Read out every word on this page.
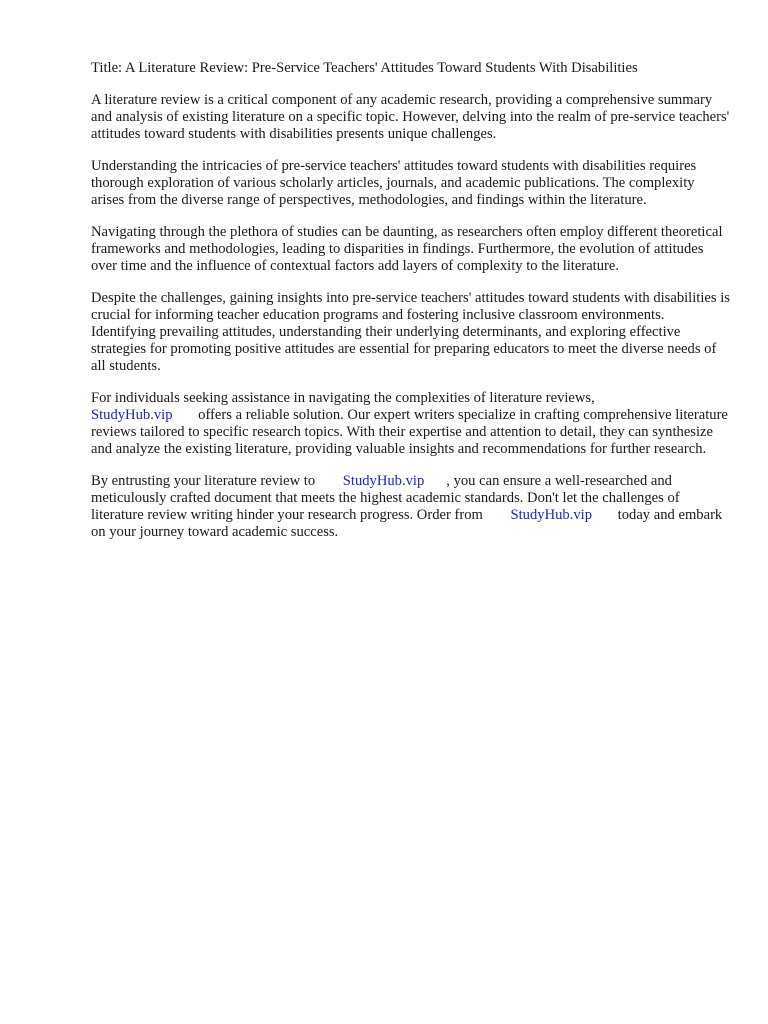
Title: A Literature Review: Pre-Service Teachers' Attitudes Toward Students With Disabilities

A literature review is a critical component of any academic research, providing a comprehensive summary and analysis of existing literature on a specific topic. However, delving into the realm of pre-service teachers' attitudes toward students with disabilities presents unique challenges.

Understanding the intricacies of pre-service teachers' attitudes toward students with disabilities requires thorough exploration of various scholarly articles, journals, and academic publications. The complexity arises from the diverse range of perspectives, methodologies, and findings within the literature.

Navigating through the plethora of studies can be daunting, as researchers often employ different theoretical frameworks and methodologies, leading to disparities in findings. Furthermore, the evolution of attitudes over time and the influence of contextual factors add layers of complexity to the literature.

Despite the challenges, gaining insights into pre-service teachers' attitudes toward students with disabilities is crucial for informing teacher education programs and fostering inclusive classroom environments. Identifying prevailing attitudes, understanding their underlying determinants, and exploring effective strategies for promoting positive attitudes are essential for preparing educators to meet the diverse needs of all students.

For individuals seeking assistance in navigating the complexities of literature reviews,
StudyHub.vip offers a reliable solution. Our expert writers specialize in crafting comprehensive literature reviews tailored to specific research topics. With their expertise and attention to detail, they can synthesize and analyze the existing literature, providing valuable insights and recommendations for further research.

By entrusting your literature review to StudyHub.vip , you can ensure a well-researched and meticulously crafted document that meets the highest academic standards. Don't let the challenges of literature review writing hinder your research progress. Order from StudyHub.vip today and embark on your journey toward academic success.
